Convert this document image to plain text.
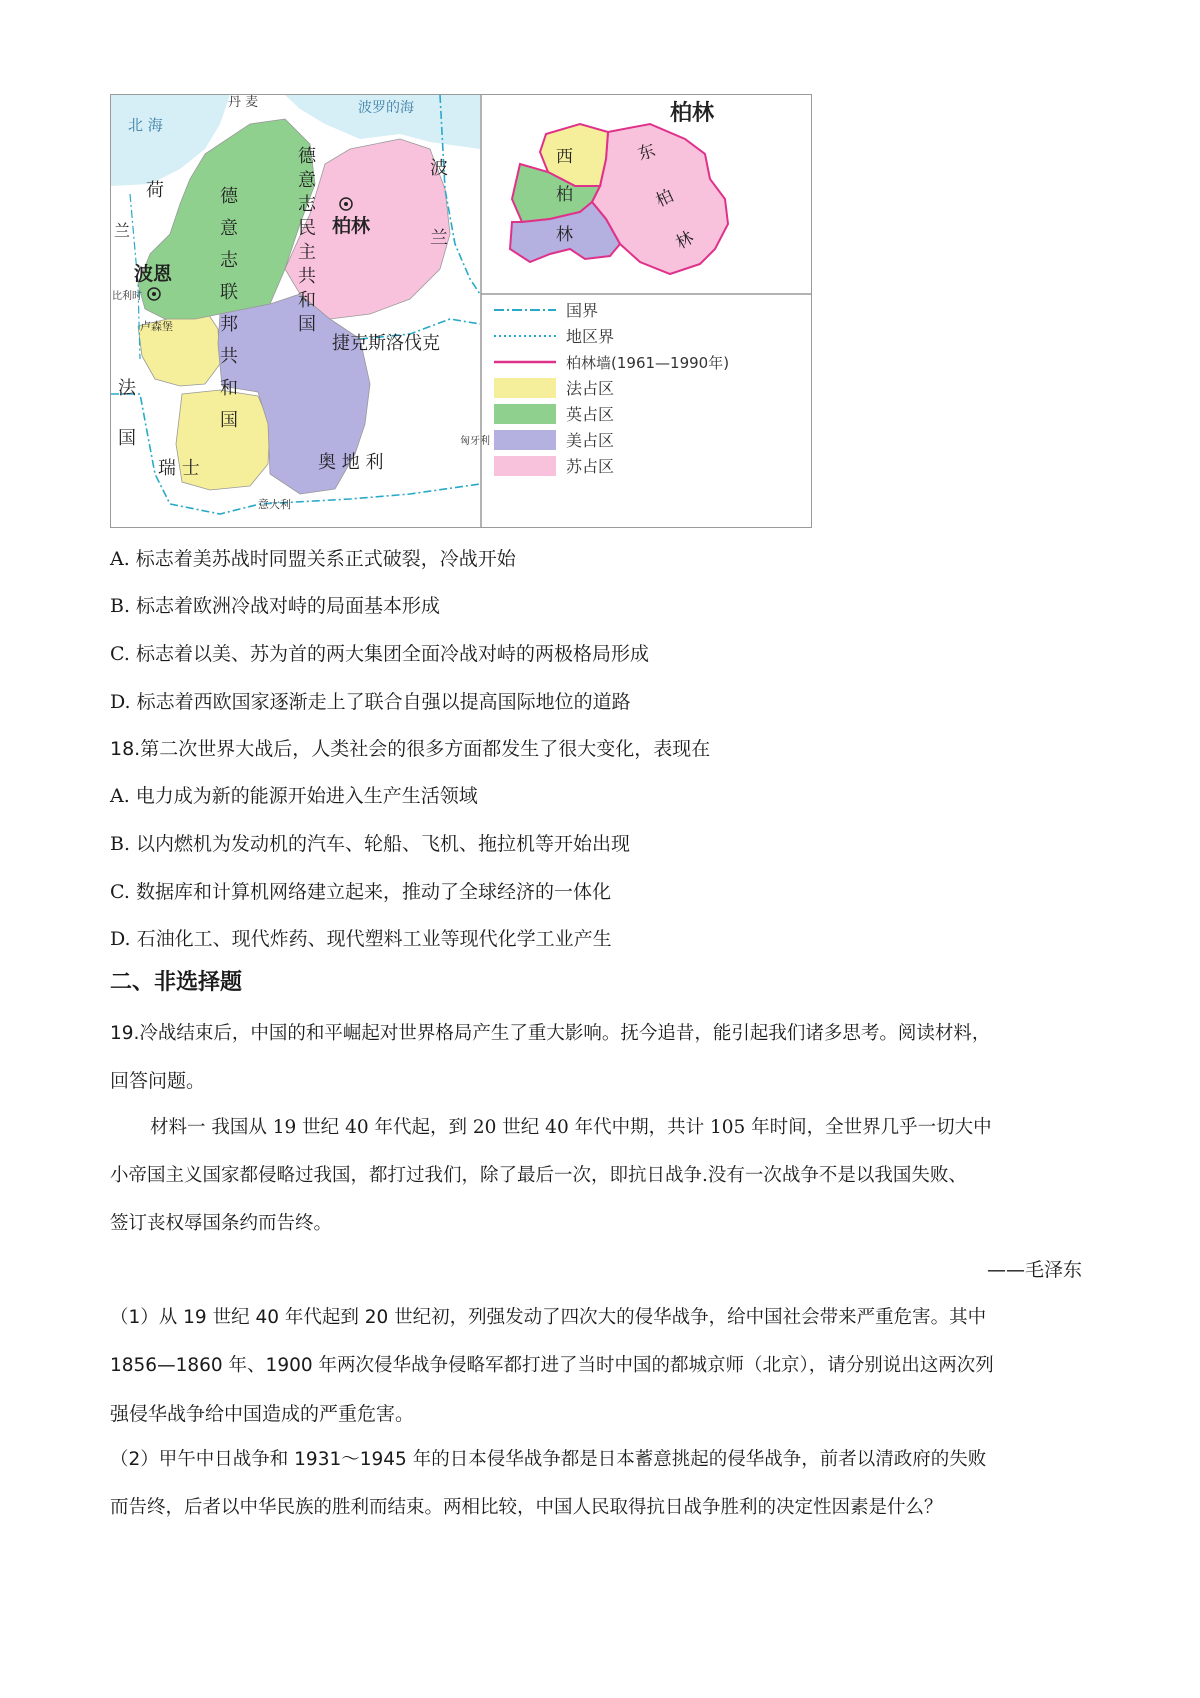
北 海
波罗的海
丹 麦
荷
兰
比利时
卢森堡
法
国
瑞 士
意大利
奥 地 利
匈牙利
波
兰
捷克斯洛伐克
德
意
志
联
邦
共
和
国
德
意
志
民
主
共
和
国
波恩
柏林
柏林
西
柏
林
东
柏
林
国界
地区界
柏林墙(1961—1990年)
法占区
英占区
美占区
苏占区
A. 标志着美苏战时同盟关系正式破裂，冷战开始
B. 标志着欧洲冷战对峙的局面基本形成
C. 标志着以美、苏为首的两大集团全面冷战对峙的两极格局形成
D. 标志着西欧国家逐渐走上了联合自强以提高国际地位的道路
18.第二次世界大战后，人类社会的很多方面都发生了很大变化，表现在
A. 电力成为新的能源开始进入生产生活领域
B. 以内燃机为发动机的汽车、轮船、飞机、拖拉机等开始出现
C. 数据库和计算机网络建立起来，推动了全球经济的一体化
D. 石油化工、现代炸药、现代塑料工业等现代化学工业产生
二、非选择题
19.冷战结束后，中国的和平崛起对世界格局产生了重大影响。抚今追昔，能引起我们诸多思考。阅读材料，
回答问题。
材料一 我国从 19 世纪 40 年代起，到 20 世纪 40 年代中期，共计 105 年时间，全世界几乎一切大中
小帝国主义国家都侵略过我国，都打过我们，除了最后一次，即抗日战争.没有一次战争不是以我国失败、
签订丧权辱国条约而告终。
——毛泽东
（1）从 19 世纪 40 年代起到 20 世纪初，列强发动了四次大的侵华战争，给中国社会带来严重危害。其中
1856—1860 年、1900 年两次侵华战争侵略军都打进了当时中国的都城京师（北京），请分别说出这两次列
强侵华战争给中国造成的严重危害。
（2）甲午中日战争和 1931～1945 年的日本侵华战争都是日本蓄意挑起的侵华战争，前者以清政府的失败
而告终，后者以中华民族的胜利而结束。两相比较，中国人民取得抗日战争胜利的决定性因素是什么？
